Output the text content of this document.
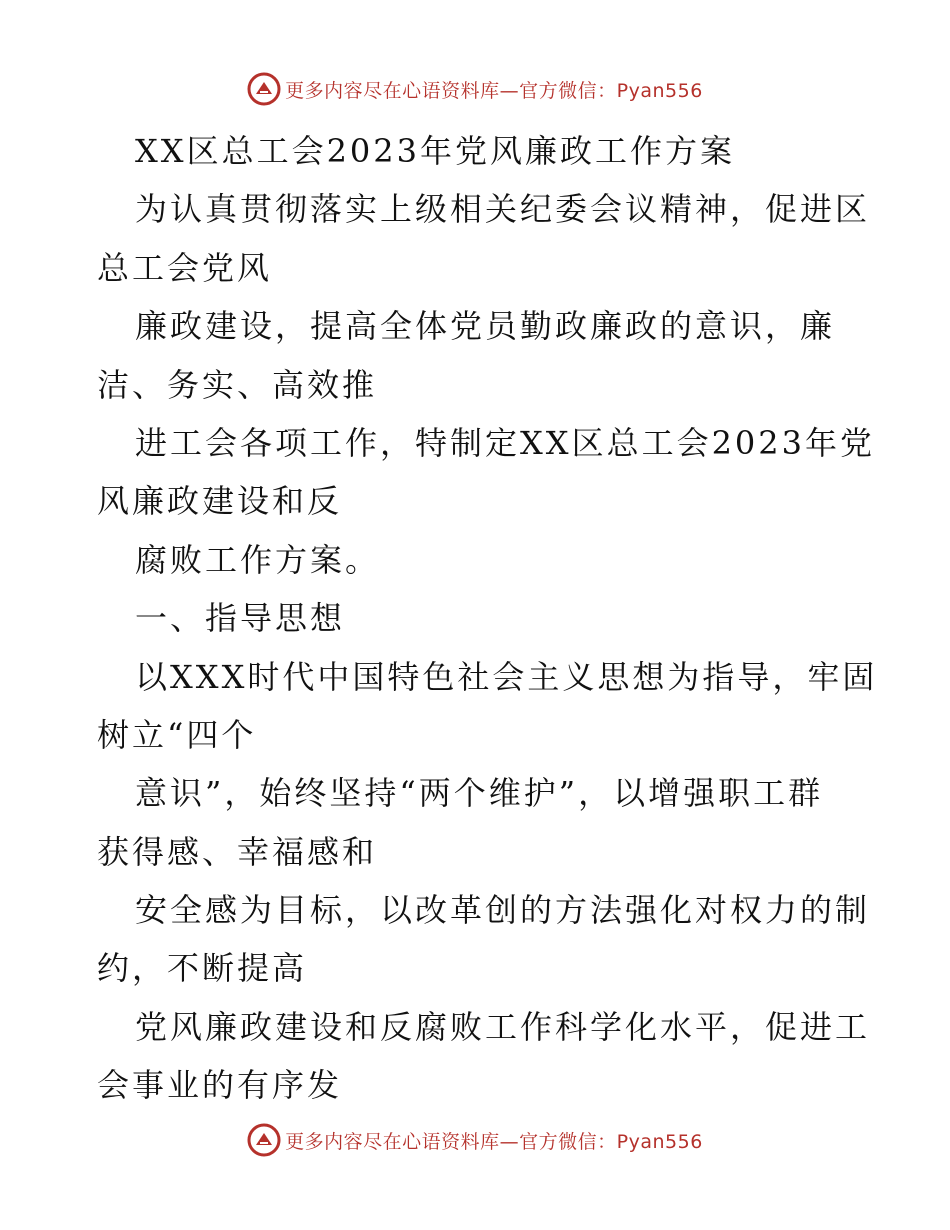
更多内容尽在心语资料库—官方微信：Pyan556
XX区总工会2023年党风廉政工作方案
为认真贯彻落实上级相关纪委会议精神，促进区
总工会党风
廉政建设，提高全体党员勤政廉政的意识，廉
洁、务实、高效推
进工会各项工作，特制定XX区总工会2023年党
风廉政建设和反
腐败工作方案。
一、指导思想
以XXX时代中国特色社会主义思想为指导，牢固
树立“四个
意识”，始终坚持“两个维护”，以增强职工群
获得感、幸福感和
安全感为目标，以改革创的方法强化对权力的制
约，不断提高
党风廉政建设和反腐败工作科学化水平，促进工
会事业的有序发
更多内容尽在心语资料库—官方微信：Pyan556
